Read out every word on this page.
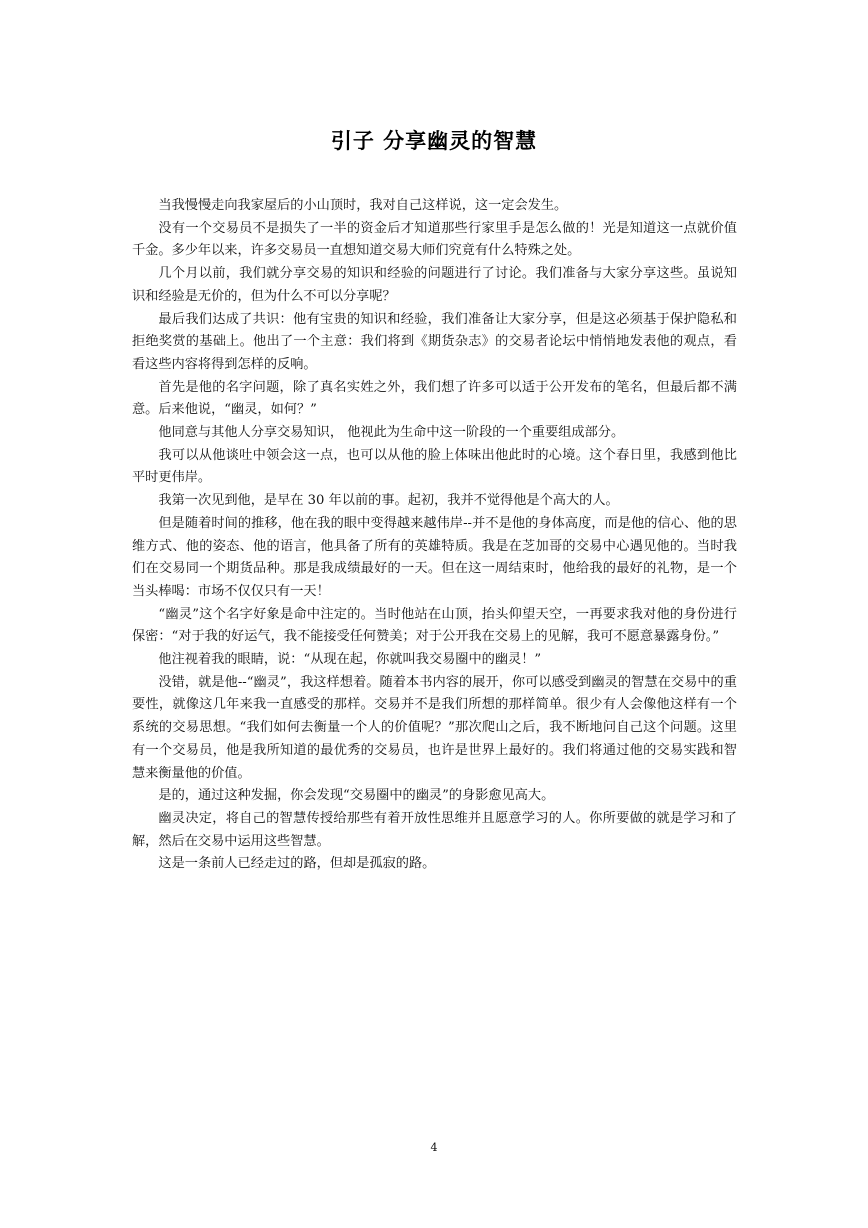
引子 分享幽灵的智慧

当我慢慢走向我家屋后的小山顶时，我对自己这样说，这一定会发生。

没有一个交易员不是损失了一半的资金后才知道那些行家里手是怎么做的！光是知道这一点就价值千金。多少年以来，许多交易员一直想知道交易大师们究竟有什么特殊之处。

几个月以前，我们就分享交易的知识和经验的问题进行了讨论。我们准备与大家分享这些。虽说知识和经验是无价的，但为什么不可以分享呢？

最后我们达成了共识：他有宝贵的知识和经验，我们准备让大家分享，但是这必须基于保护隐私和拒绝奖赏的基础上。他出了一个主意：我们将到《期货杂志》的交易者论坛中悄悄地发表他的观点，看看这些内容将得到怎样的反响。

首先是他的名字问题，除了真名实姓之外，我们想了许多可以适于公开发布的笔名，但最后都不满意。后来他说，“幽灵，如何？”

他同意与其他人分享交易知识， 他视此为生命中这一阶段的一个重要组成部分。

我可以从他谈吐中领会这一点，也可以从他的脸上体味出他此时的心境。这个春日里，我感到他比平时更伟岸。

我第一次见到他，是早在 30 年以前的事。起初，我并不觉得他是个高大的人。

但是随着时间的推移，他在我的眼中变得越来越伟岸--并不是他的身体高度，而是他的信心、他的思维方式、他的姿态、他的语言，他具备了所有的英雄特质。我是在芝加哥的交易中心遇见他的。当时我们在交易同一个期货品种。那是我成绩最好的一天。但在这一周结束时，他给我的最好的礼物，是一个当头棒喝：市场不仅仅只有一天！

“幽灵”这个名字好象是命中注定的。当时他站在山顶，抬头仰望天空，一再要求我对他的身份进行保密：“对于我的好运气，我不能接受任何赞美；对于公开我在交易上的见解，我可不愿意暴露身份。”

他注视着我的眼睛，说：“从现在起，你就叫我交易圈中的幽灵！”

没错，就是他--“幽灵”，我这样想着。随着本书内容的展开，你可以感受到幽灵的智慧在交易中的重要性，就像这几年来我一直感受的那样。交易并不是我们所想的那样简单。很少有人会像他这样有一个系统的交易思想。“我们如何去衡量一个人的价值呢？”那次爬山之后，我不断地问自己这个问题。这里有一个交易员，他是我所知道的最优秀的交易员，也许是世界上最好的。我们将通过他的交易实践和智慧来衡量他的价值。

是的，通过这种发掘，你会发现“交易圈中的幽灵”的身影愈见高大。

幽灵决定，将自己的智慧传授给那些有着开放性思维并且愿意学习的人。你所要做的就是学习和了解，然后在交易中运用这些智慧。

这是一条前人已经走过的路，但却是孤寂的路。

4
